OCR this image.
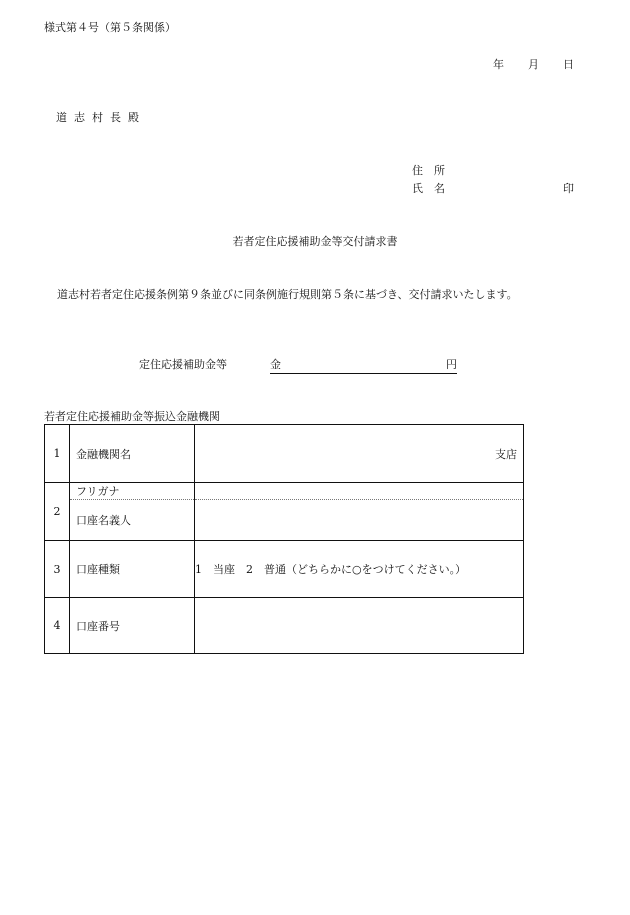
様式第４号（第５条関係）
年 月 日
道志村長殿
住所
氏名	印
若者定住応援補助金等交付請求書
道志村若者定住応援条例第９条並びに同条例施行規則第５条に基づき、交付請求いたします。
定住応援補助金等	金	円
若者定住応援補助金等振込金融機関
1	金融機関名	支店
2	フリガナ	
	口座名義人	
3	口座種類	1　当座　2　普通（どちらかに○をつけてください。）
4	口座番号	
